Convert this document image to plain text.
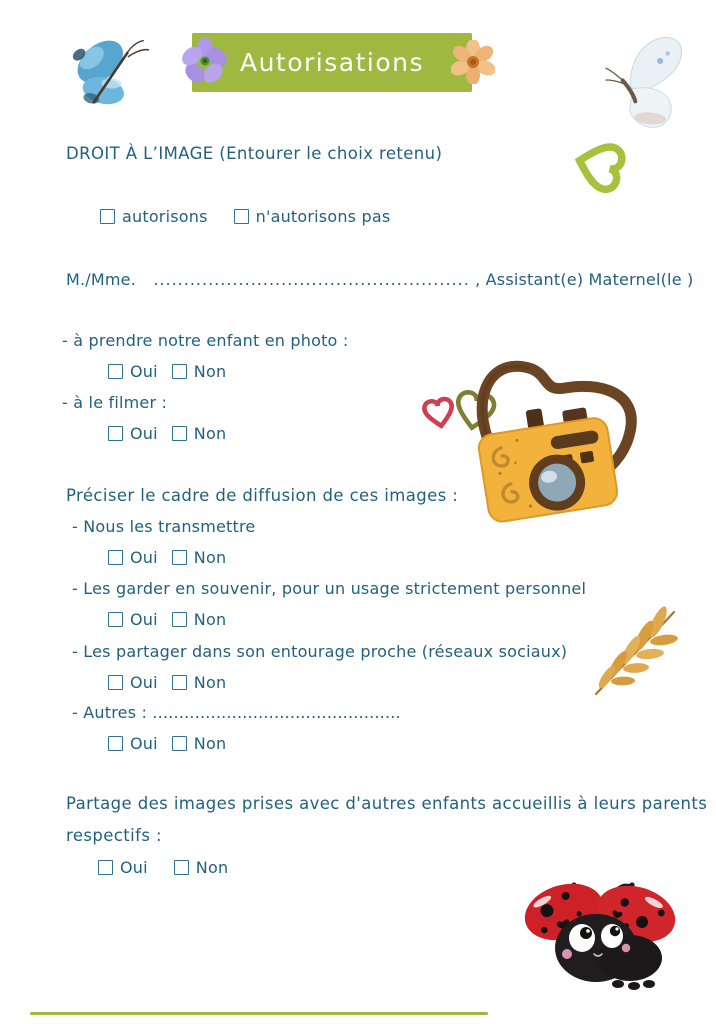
Autorisations
DROIT À L’IMAGE (Entourer le choix retenu)
autorisons	n'autorisons pas
M./Mme. .................................................... , Assistant(e) Maternel(le )
- à prendre notre enfant en photo :
Oui Non
- à le filmer :
Oui Non
Préciser le cadre de diffusion de ces images :
- Nous les transmettre
Oui Non
- Les garder en souvenir, pour un usage strictement personnel
Oui Non
- Les partager dans son entourage proche (réseaux sociaux)
Oui Non
- Autres : ...............................................
Oui Non
Partage des images prises avec d'autres enfants accueillis à leurs parents
respectifs :
Oui	Non
